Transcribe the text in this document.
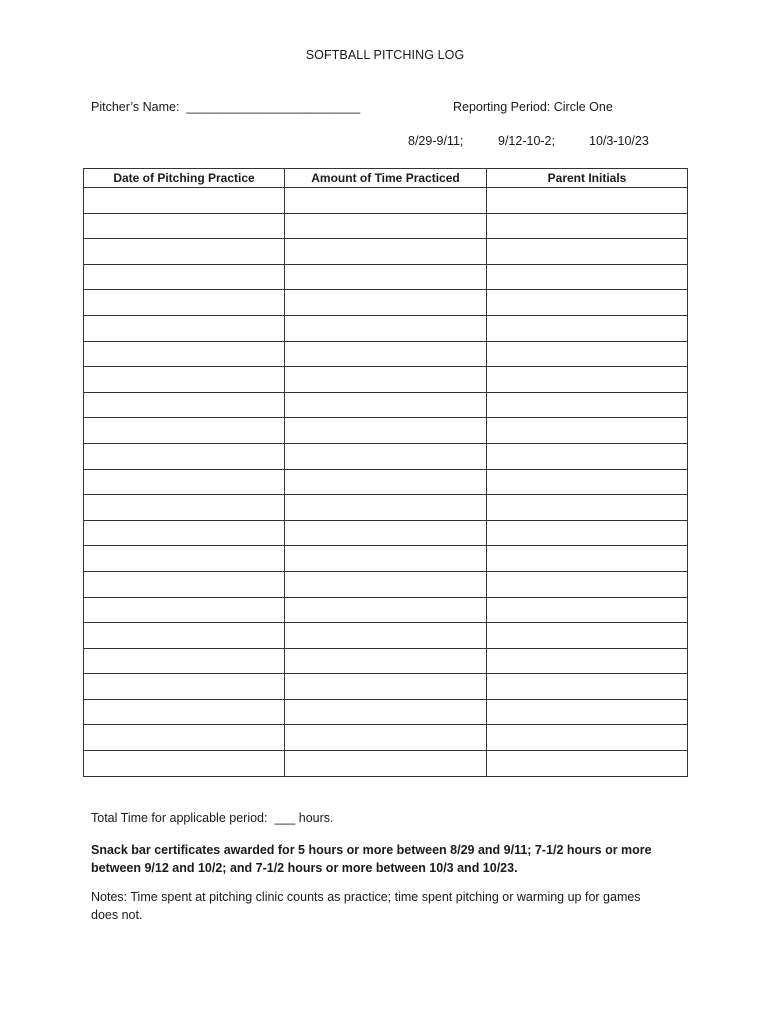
SOFTBALL PITCHING LOG
Pitcher’s Name: _________________________	Reporting Period: Circle One
8/29-9/11;	9/12-10-2;	10/3-10/23
Date of Pitching Practice	Amount of Time Practiced	Parent Initials

Total Time for applicable period: ___ hours.
Snack bar certificates awarded for 5 hours or more between 8/29 and 9/11; 7-1/2 hours or more between 9/12 and 10/2; and 7-1/2 hours or more between 10/3 and 10/23.
Notes: Time spent at pitching clinic counts as practice; time spent pitching or warming up for games does not.
